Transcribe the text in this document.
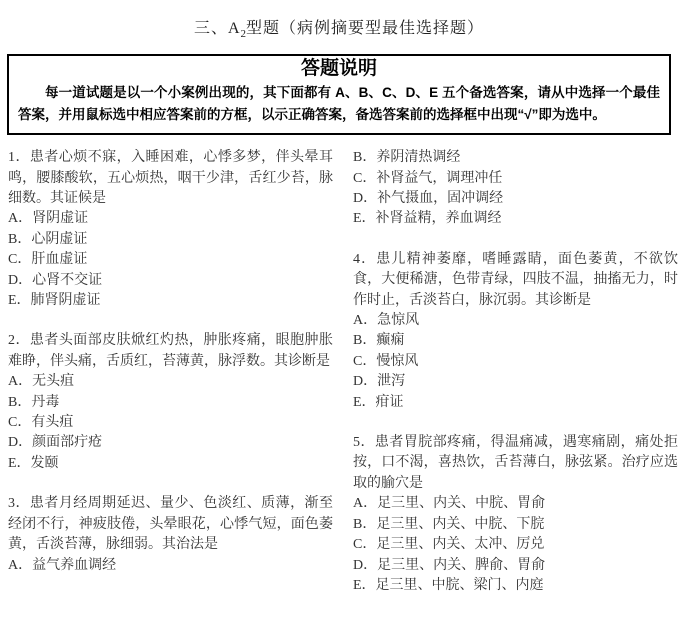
三、$A_2$型题（病例摘要型最佳选择题）
答题说明
每一道试题是以一个小案例出现的，其下面都有 A、B、C、D、E 五个备选答案，请从中选择一个最佳答案，并用鼠标选中相应答案前的方框，以示正确答案，备选答案前的选择框中出现“√”即为选中。
1．患者心烦不寐，入睡困难，心悸多梦，伴头晕耳鸣，腰膝酸软，五心烦热，咽干少津，舌红少苔，脉细数。其证候是
A．肾阴虚证
B．心阴虚证
C．肝血虚证
D．心肾不交证
E．肺肾阴虚证
2．患者头面部皮肤焮红灼热，肿胀疼痛，眼胞肿胀难睁，伴头痛，舌质红，苔薄黄，脉浮数。其诊断是
A．无头疽
B．丹毒
C．有头疽
D．颜面部疔疮
E．发颐
3．患者月经周期延迟、量少、色淡红、质薄，渐至经闭不行，神疲肢倦，头晕眼花，心悸气短，面色萎黄，舌淡苔薄，脉细弱。其治法是
A．益气养血调经
B．养阴清热调经
C．补肾益气，调理冲任
D．补气摄血，固冲调经
E．补肾益精，养血调经
4．患儿精神萎靡，嗜睡露睛，面色萎黄，不欲饮食，大便稀溏，色带青绿，四肢不温，抽搐无力，时作时止，舌淡苔白，脉沉弱。其诊断是
A．急惊风
B．癫痫
C．慢惊风
D．泄泻
E．疳证
5．患者胃脘部疼痛，得温痛减，遇寒痛剧，痛处拒按，口不渴，喜热饮，舌苔薄白，脉弦紧。治疗应选取的腧穴是
A．足三里、内关、中脘、胃俞
B．足三里、内关、中脘、下脘
C．足三里、内关、太冲、厉兑
D．足三里、内关、脾俞、胃俞
E．足三里、中脘、梁门、内庭
